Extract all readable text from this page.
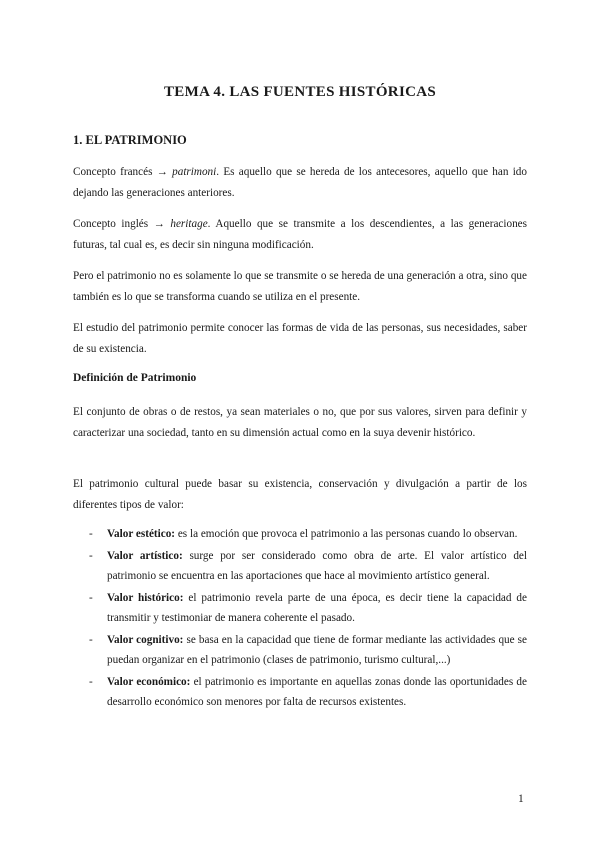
TEMA 4. LAS FUENTES HISTÓRICAS
1. EL PATRIMONIO
Concepto francés → patrimoni. Es aquello que se hereda de los antecesores, aquello que han ido dejando las generaciones anteriores.
Concepto inglés → heritage. Aquello que se transmite a los descendientes, a las generaciones futuras, tal cual es, es decir sin ninguna modificación.
Pero el patrimonio no es solamente lo que se transmite o se hereda de una generación a otra, sino que también es lo que se transforma cuando se utiliza en el presente.
El estudio del patrimonio permite conocer las formas de vida de las personas, sus necesidades, saber de su existencia.
Definición de Patrimonio
El conjunto de obras o de restos, ya sean materiales o no, que por sus valores, sirven para definir y caracterizar una sociedad, tanto en su dimensión actual como en la suya devenir histórico.
El patrimonio cultural puede basar su existencia, conservación y divulgación a partir de los diferentes tipos de valor:
- Valor estético: es la emoción que provoca el patrimonio a las personas cuando lo observan.
- Valor artístico: surge por ser considerado como obra de arte. El valor artístico del patrimonio se encuentra en las aportaciones que hace al movimiento artístico general.
- Valor histórico: el patrimonio revela parte de una época, es decir tiene la capacidad de transmitir y testimoniar de manera coherente el pasado.
- Valor cognitivo: se basa en la capacidad que tiene de formar mediante las actividades que se puedan organizar en el patrimonio (clases de patrimonio, turismo cultural,...)
- Valor económico: el patrimonio es importante en aquellas zonas donde las oportunidades de desarrollo económico son menores por falta de recursos existentes.
1
